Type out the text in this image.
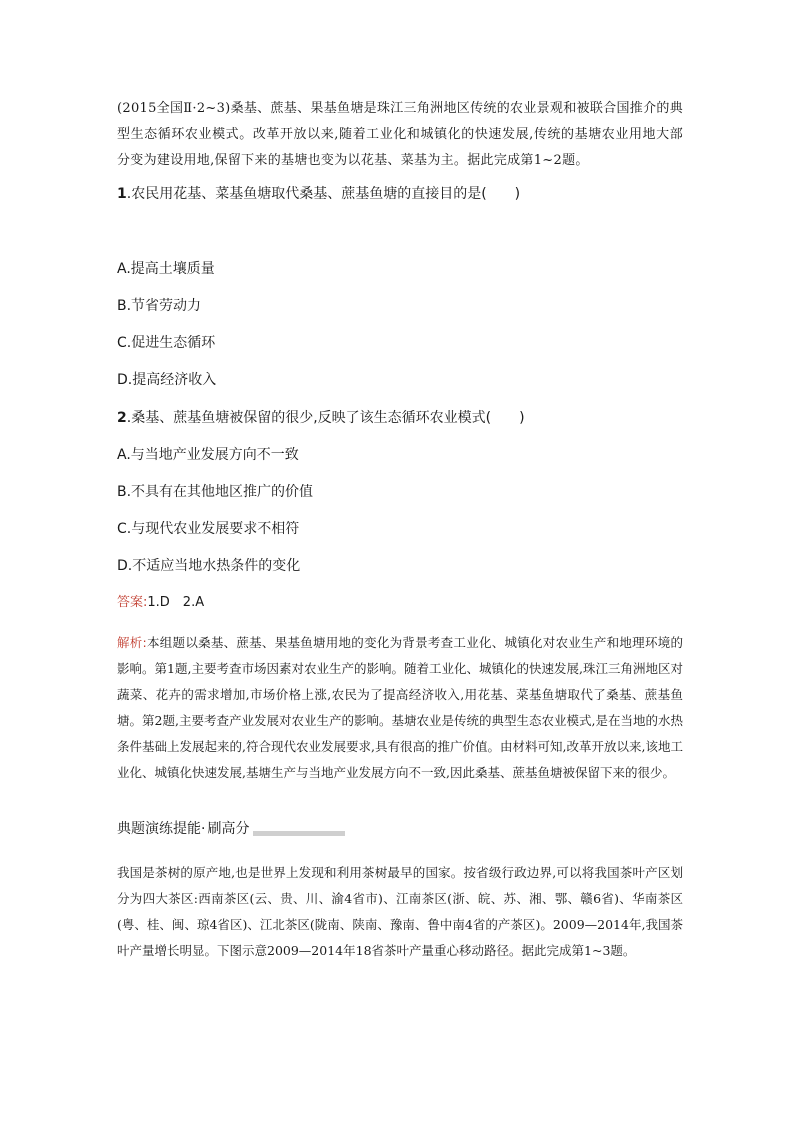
(2015全国Ⅱ·2~3)桑基、蔗基、果基鱼塘是珠江三角洲地区传统的农业景观和被联合国推介的典型生态循环农业模式。改革开放以来,随着工业化和城镇化的快速发展,传统的基塘农业用地大部分变为建设用地,保留下来的基塘也变为以花基、菜基为主。据此完成第1~2题。
1.农民用花基、菜基鱼塘取代桑基、蔗基鱼塘的直接目的是(　　)
A.提高土壤质量
B.节省劳动力
C.促进生态循环
D.提高经济收入
2.桑基、蔗基鱼塘被保留的很少,反映了该生态循环农业模式(　　)
A.与当地产业发展方向不一致
B.不具有在其他地区推广的价值
C.与现代农业发展要求不相符
D.不适应当地水热条件的变化
答案:1.D　2.A
解析:本组题以桑基、蔗基、果基鱼塘用地的变化为背景考查工业化、城镇化对农业生产和地理环境的影响。第1题,主要考查市场因素对农业生产的影响。随着工业化、城镇化的快速发展,珠江三角洲地区对蔬菜、花卉的需求增加,市场价格上涨,农民为了提高经济收入,用花基、菜基鱼塘取代了桑基、蔗基鱼塘。第2题,主要考查产业发展对农业生产的影响。基塘农业是传统的典型生态农业模式,是在当地的水热条件基础上发展起来的,符合现代农业发展要求,具有很高的推广价值。由材料可知,改革开放以来,该地工业化、城镇化快速发展,基塘生产与当地产业发展方向不一致,因此桑基、蔗基鱼塘被保留下来的很少。
典题演练提能 · 刷高分
我国是茶树的原产地,也是世界上发现和利用茶树最早的国家。按省级行政边界,可以将我国茶叶产区划分为四大茶区:西南茶区(云、贵、川、渝4省市)、江南茶区(浙、皖、苏、湘、鄂、赣6省)、华南茶区(粤、桂、闽、琼4省区)、江北茶区(陇南、陕南、豫南、鲁中南4省的产茶区)。2009—2014年,我国茶叶产量增长明显。下图示意2009—2014年18省茶叶产量重心移动路径。据此完成第1~3题。
